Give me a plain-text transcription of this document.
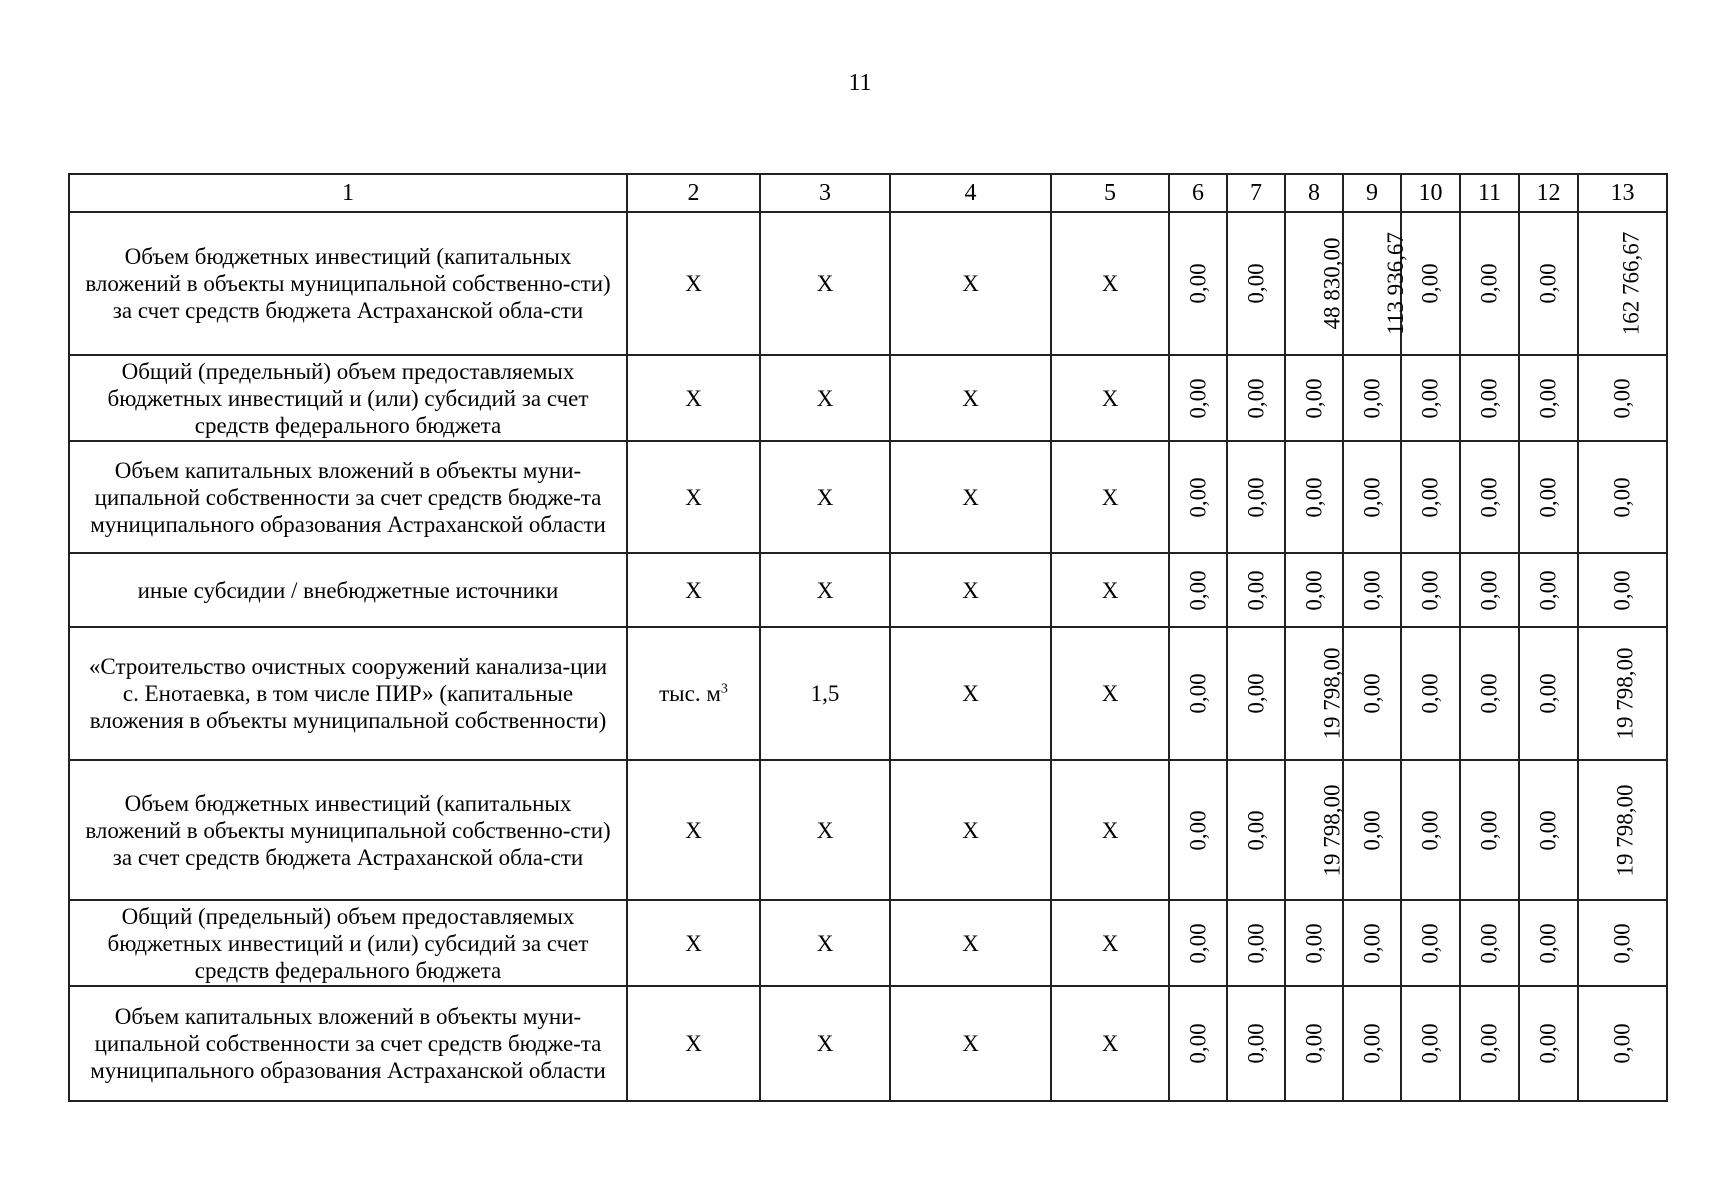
11
1	2	3	4	5	6	7	8	9	10	11	12	13
Объем бюджетных инвестиций (капитальных вложений в объекты муниципальной собственно-сти) за счет средств бюджета Астраханской обла-сти	X	X	X	X	0,00	0,00	48 830,00	113 936,67	0,00	0,00	0,00	162 766,67
Общий (предельный) объем предоставляемых бюджетных инвестиций и (или) субсидий за счет средств федерального бюджета	X	X	X	X	0,00	0,00	0,00	0,00	0,00	0,00	0,00	0,00
Объем капитальных вложений в объекты муни-ципальной собственности за счет средств бюдже-та муниципального образования Астраханской области	X	X	X	X	0,00	0,00	0,00	0,00	0,00	0,00	0,00	0,00
иные субсидии / внебюджетные источники	X	X	X	X	0,00	0,00	0,00	0,00	0,00	0,00	0,00	0,00
«Строительство очистных сооружений канализа-ции с. Енотаевка, в том числе ПИР» (капитальные вложения в объекты муниципальной собственности)	тыс. $м^3$	1,5	X	X	0,00	0,00	19 798,00	0,00	0,00	0,00	0,00	19 798,00
Объем бюджетных инвестиций (капитальных вложений в объекты муниципальной собственно-сти) за счет средств бюджета Астраханской обла-сти	X	X	X	X	0,00	0,00	19 798,00	0,00	0,00	0,00	0,00	19 798,00
Общий (предельный) объем предоставляемых бюджетных инвестиций и (или) субсидий за счет средств федерального бюджета	X	X	X	X	0,00	0,00	0,00	0,00	0,00	0,00	0,00	0,00
Объем капитальных вложений в объекты муни-ципальной собственности за счет средств бюдже-та муниципального образования Астраханской области	X	X	X	X	0,00	0,00	0,00	0,00	0,00	0,00	0,00	0,00
